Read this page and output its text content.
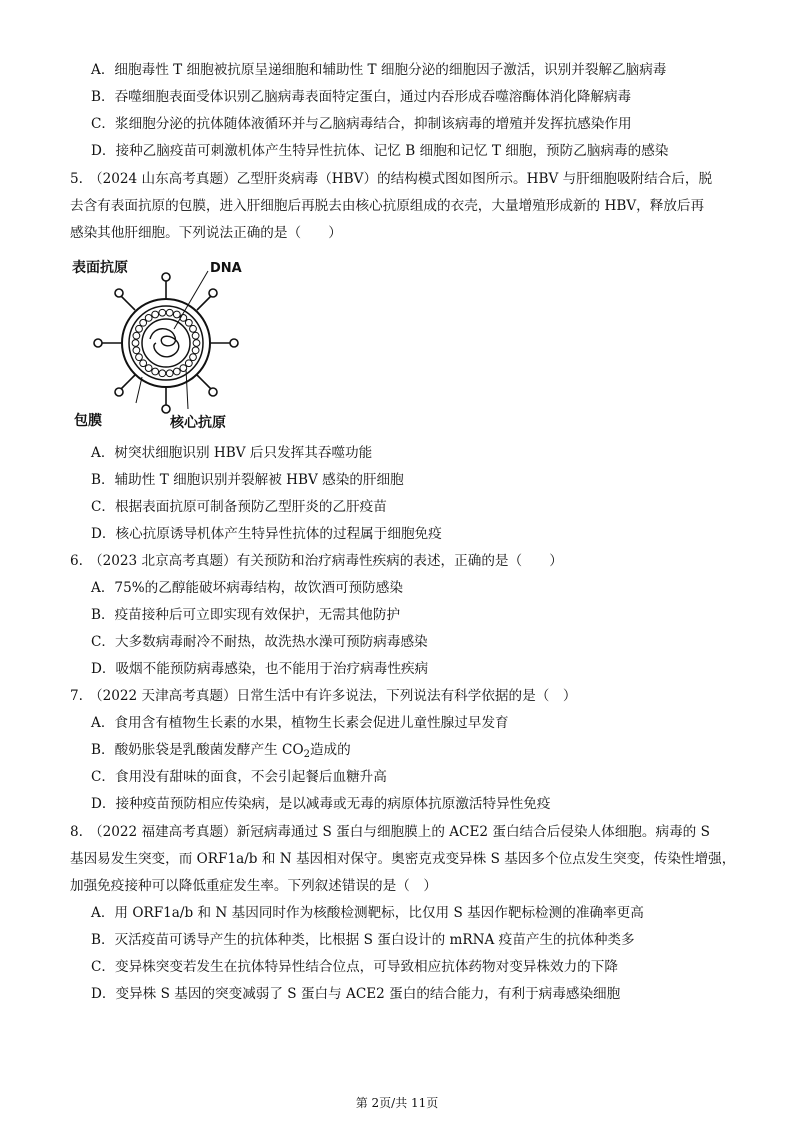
A．细胞毒性 T 细胞被抗原呈递细胞和辅助性 T 细胞分泌的细胞因子激活，识别并裂解乙脑病毒
B．吞噬细胞表面受体识别乙脑病毒表面特定蛋白，通过内吞形成吞噬溶酶体消化降解病毒
C．浆细胞分泌的抗体随体液循环并与乙脑病毒结合，抑制该病毒的增殖并发挥抗感染作用
D．接种乙脑疫苗可刺激机体产生特异性抗体、记忆 B 细胞和记忆 T 细胞，预防乙脑病毒的感染
5. （2024 山东高考真题）乙型肝炎病毒（HBV）的结构模式图如图所示。HBV 与肝细胞吸附结合后，脱
去含有表面抗原的包膜，进入肝细胞后再脱去由核心抗原组成的衣壳，大量增殖形成新的 HBV，释放后再
感染其他肝细胞。下列说法正确的是（　　）
表面抗原	DNA
包膜	核心抗原
A．树突状细胞识别 HBV 后只发挥其吞噬功能
B．辅助性 T 细胞识别并裂解被 HBV 感染的肝细胞
C．根据表面抗原可制备预防乙型肝炎的乙肝疫苗
D．核心抗原诱导机体产生特异性抗体的过程属于细胞免疫
6. （2023 北京高考真题）有关预防和治疗病毒性疾病的表述，正确的是（　　）
A．75%的乙醇能破坏病毒结构，故饮酒可预防感染
B．疫苗接种后可立即实现有效保护，无需其他防护
C．大多数病毒耐冷不耐热，故洗热水澡可预防病毒感染
D．吸烟不能预防病毒感染，也不能用于治疗病毒性疾病
7. （2022 天津高考真题）日常生活中有许多说法，下列说法有科学依据的是（　）
A．食用含有植物生长素的水果，植物生长素会促进儿童性腺过早发育
B．酸奶胀袋是乳酸菌发酵产生 $CO_2$造成的
C．食用没有甜味的面食，不会引起餐后血糖升高
D．接种疫苗预防相应传染病，是以减毒或无毒的病原体抗原激活特异性免疫
8. （2022 福建高考真题）新冠病毒通过 S 蛋白与细胞膜上的 ACE2 蛋白结合后侵染人体细胞。病毒的 S
基因易发生突变，而 ORF1a/b 和 N 基因相对保守。奥密克戎变异株 S 基因多个位点发生突变，传染性增强，
加强免疫接种可以降低重症发生率。下列叙述错误的是（　）
A．用 ORF1a/b 和 N 基因同时作为核酸检测靶标，比仅用 S 基因作靶标检测的准确率更高
B．灭活疫苗可诱导产生的抗体种类，比根据 S 蛋白设计的 mRNA 疫苗产生的抗体种类多
C．变异株突变若发生在抗体特异性结合位点，可导致相应抗体药物对变异株效力的下降
D．变异株 S 基因的突变减弱了 S 蛋白与 ACE2 蛋白的结合能力，有利于病毒感染细胞
第 2页/共 11页
